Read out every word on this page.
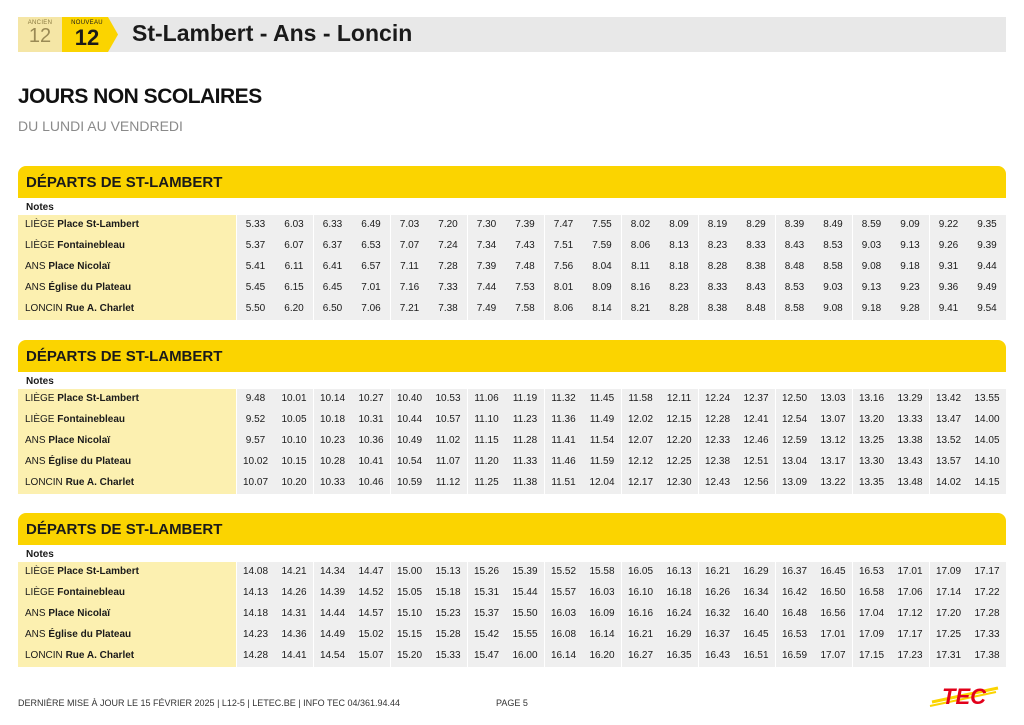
ANCIEN
12
NOUVEAU
12	St-Lambert - Ans - Loncin
JOURS NON SCOLAIRES
DU LUNDI AU VENDREDI
DÉPARTS DE ST-LAMBERT
Notes
LIÈGE Place St-Lambert	5.33	6.03	6.33	6.49	7.03	7.20	7.30	7.39	7.47	7.55	8.02	8.09	8.19	8.29	8.39	8.49	8.59	9.09	9.22	9.35
LIÈGE Fontainebleau	5.37	6.07	6.37	6.53	7.07	7.24	7.34	7.43	7.51	7.59	8.06	8.13	8.23	8.33	8.43	8.53	9.03	9.13	9.26	9.39
ANS Place Nicolaï	5.41	6.11	6.41	6.57	7.11	7.28	7.39	7.48	7.56	8.04	8.11	8.18	8.28	8.38	8.48	8.58	9.08	9.18	9.31	9.44
ANS Église du Plateau	5.45	6.15	6.45	7.01	7.16	7.33	7.44	7.53	8.01	8.09	8.16	8.23	8.33	8.43	8.53	9.03	9.13	9.23	9.36	9.49
LONCIN Rue A. Charlet	5.50	6.20	6.50	7.06	7.21	7.38	7.49	7.58	8.06	8.14	8.21	8.28	8.38	8.48	8.58	9.08	9.18	9.28	9.41	9.54
DÉPARTS DE ST-LAMBERT
Notes
LIÈGE Place St-Lambert	9.48	10.01	10.14	10.27	10.40	10.53	11.06	11.19	11.32	11.45	11.58	12.11	12.24	12.37	12.50	13.03	13.16	13.29	13.42	13.55
LIÈGE Fontainebleau	9.52	10.05	10.18	10.31	10.44	10.57	11.10	11.23	11.36	11.49	12.02	12.15	12.28	12.41	12.54	13.07	13.20	13.33	13.47	14.00
ANS Place Nicolaï	9.57	10.10	10.23	10.36	10.49	11.02	11.15	11.28	11.41	11.54	12.07	12.20	12.33	12.46	12.59	13.12	13.25	13.38	13.52	14.05
ANS Église du Plateau	10.02	10.15	10.28	10.41	10.54	11.07	11.20	11.33	11.46	11.59	12.12	12.25	12.38	12.51	13.04	13.17	13.30	13.43	13.57	14.10
LONCIN Rue A. Charlet	10.07	10.20	10.33	10.46	10.59	11.12	11.25	11.38	11.51	12.04	12.17	12.30	12.43	12.56	13.09	13.22	13.35	13.48	14.02	14.15
DÉPARTS DE ST-LAMBERT
Notes
LIÈGE Place St-Lambert	14.08	14.21	14.34	14.47	15.00	15.13	15.26	15.39	15.52	15.58	16.05	16.13	16.21	16.29	16.37	16.45	16.53	17.01	17.09	17.17
LIÈGE Fontainebleau	14.13	14.26	14.39	14.52	15.05	15.18	15.31	15.44	15.57	16.03	16.10	16.18	16.26	16.34	16.42	16.50	16.58	17.06	17.14	17.22
ANS Place Nicolaï	14.18	14.31	14.44	14.57	15.10	15.23	15.37	15.50	16.03	16.09	16.16	16.24	16.32	16.40	16.48	16.56	17.04	17.12	17.20	17.28
ANS Église du Plateau	14.23	14.36	14.49	15.02	15.15	15.28	15.42	15.55	16.08	16.14	16.21	16.29	16.37	16.45	16.53	17.01	17.09	17.17	17.25	17.33
LONCIN Rue A. Charlet	14.28	14.41	14.54	15.07	15.20	15.33	15.47	16.00	16.14	16.20	16.27	16.35	16.43	16.51	16.59	17.07	17.15	17.23	17.31	17.38
DERNIÈRE MISE À JOUR LE 15 FÉVRIER 2025 | L12-5 | LETEC.BE | INFO TEC 04/361.94.44	PAGE 5	TEC
